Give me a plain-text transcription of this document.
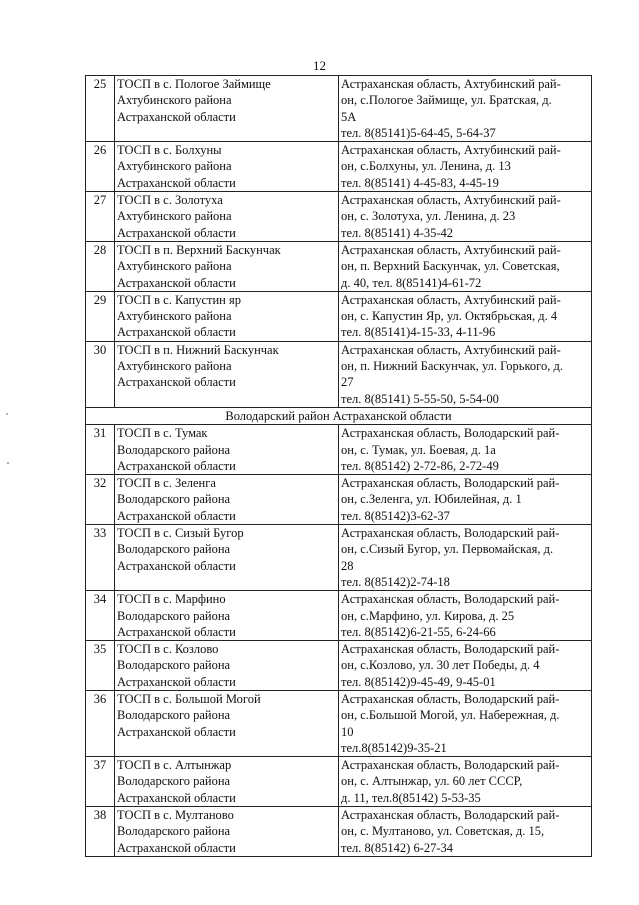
12
25	ТОСП в с. Пологое Займище
Ахтубинского района
Астраханской области	Астраханская область, Ахтубинский рай-
он, с.Пологое Займище, ул. Братская, д.
5А
тел. 8(85141)5-64-45, 5-64-37

26	ТОСП в с. Болхуны
Ахтубинского района
Астраханской области	Астраханская область, Ахтубинский рай-
он, с.Болхуны, ул. Ленина, д. 13
тел. 8(85141) 4-45-83, 4-45-19

27	ТОСП в с. Золотуха
Ахтубинского района
Астраханской области	Астраханская область, Ахтубинский рай-
он, с. Золотуха, ул. Ленина, д. 23
тел. 8(85141) 4-35-42

28	ТОСП в п. Верхний Баскунчак
Ахтубинского района
Астраханской области	Астраханская область, Ахтубинский рай-
он, п. Верхний Баскунчак, ул. Советская,
д. 40, тел. 8(85141)4-61-72

29	ТОСП в с. Капустин яр
Ахтубинского района
Астраханской области	Астраханская область, Ахтубинский рай-
он, с. Капустин Яр, ул. Октябрьская, д. 4
тел. 8(85141)4-15-33, 4-11-96

30	ТОСП в п. Нижний Баскунчак
Ахтубинского района
Астраханской области	Астраханская область, Ахтубинский рай-
он, п. Нижний Баскунчак, ул. Горького, д.
27
тел. 8(85141) 5-55-50, 5-54-00

Володарский район Астраханской области		
31	ТОСП в с. Тумак
Володарского района
Астраханской области	Астраханская область, Володарский рай-
он, с. Тумак, ул. Боевая, д. 1а
тел. 8(85142) 2-72-86, 2-72-49

32	ТОСП в с. Зеленга
Володарского района
Астраханской области	Астраханская область, Володарский рай-
он, с.Зеленга, ул. Юбилейная, д. 1
тел. 8(85142)3-62-37

33	ТОСП в с. Сизый Бугор
Володарского района
Астраханской области	Астраханская область, Володарский рай-
он, с.Сизый Бугор, ул. Первомайская, д.
28
тел. 8(85142)2-74-18

34	ТОСП в с. Марфино
Володарского района
Астраханской области	Астраханская область, Володарский рай-
он, с.Марфино, ул. Кирова, д. 25
тел. 8(85142)6-21-55, 6-24-66

35	ТОСП в с. Козлово
Володарского района
Астраханской области	Астраханская область, Володарский рай-
он, с.Козлово, ул. 30 лет Победы, д. 4
тел. 8(85142)9-45-49, 9-45-01

36	ТОСП в с. Большой Могой
Володарского района
Астраханской области	Астраханская область, Володарский рай-
он, с.Большой Могой, ул. Набережная, д.
10
тел.8(85142)9-35-21

37	ТОСП в с. Алтынжар
Володарского района
Астраханской области	Астраханская область, Володарский рай-
он, с. Алтынжар, ул. 60 лет СССР,
д. 11, тел.8(85142) 5-53-35

38	ТОСП в с. Мултаново
Володарского района
Астраханской области	Астраханская область, Володарский рай-
он, с. Мултаново, ул. Советская, д. 15,
тел. 8(85142) 6-27-34
